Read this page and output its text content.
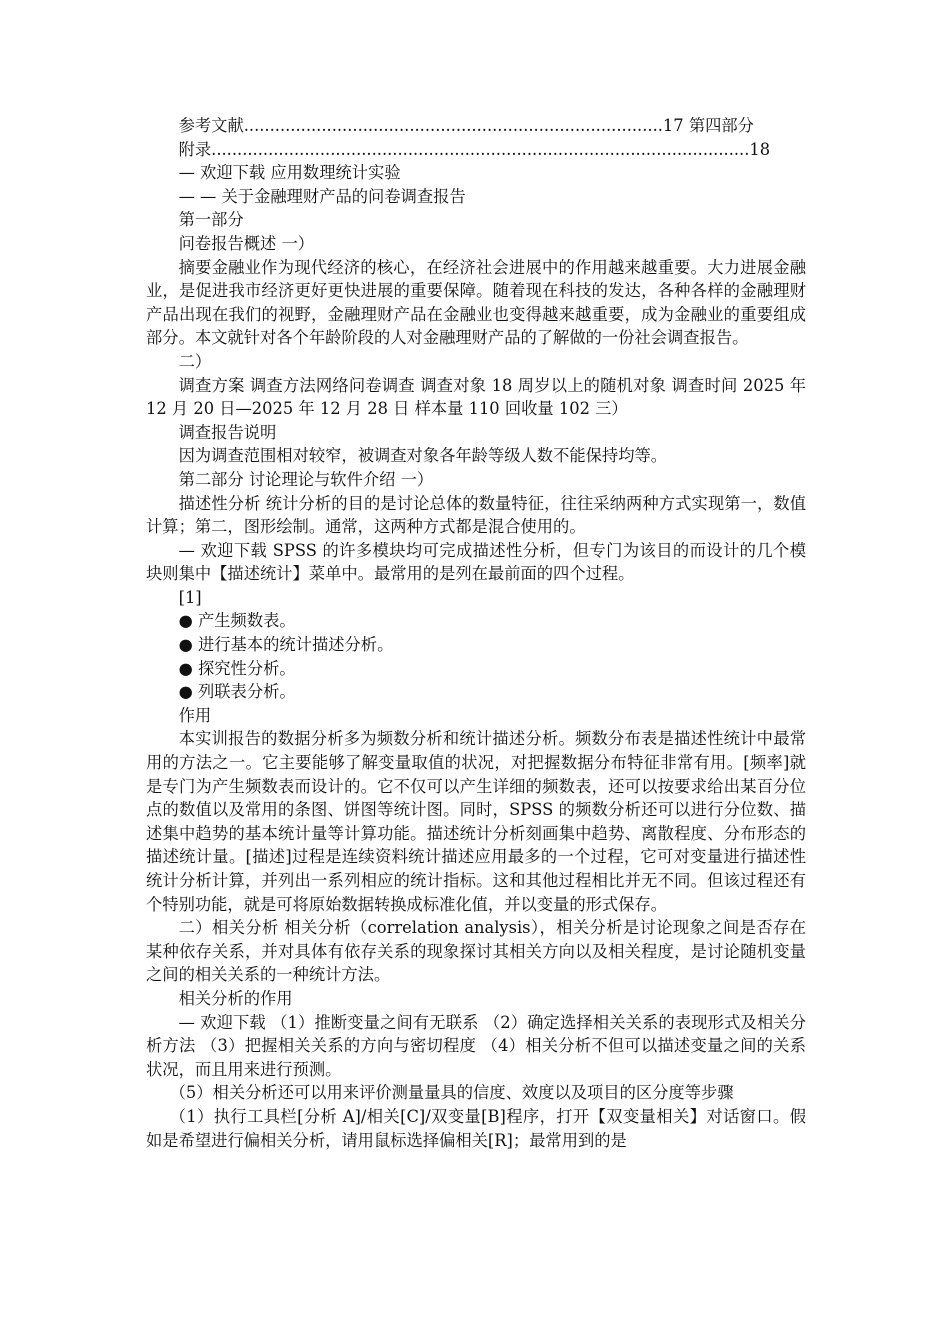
参考文献.................................................................................17 第四部分

附录........................................................................................................18

— 欢迎下载 应用数理统计实验

— — 关于金融理财产品的问卷调查报告

第一部分

问卷报告概述 一）

摘要金融业作为现代经济的核心，在经济社会进展中的作用越来越重要。大力进展金融业，是促进我市经济更好更快进展的重要保障。随着现在科技的发达，各种各样的金融理财产品出现在我们的视野，金融理财产品在金融业也变得越来越重要，成为金融业的重要组成部分。本文就针对各个年龄阶段的人对金融理财产品的了解做的一份社会调查报告。

二）

调查方案 调查方法网络问卷调查 调查对象 18 周岁以上的随机对象 调查时间 2025 年 12 月 20 日—2025 年 12 月 28 日 样本量 110 回收量 102 三）

调查报告说明

因为调查范围相对较窄，被调查对象各年龄等级人数不能保持均等。

第二部分 讨论理论与软件介绍 一）

描述性分析 统计分析的目的是讨论总体的数量特征，往往采纳两种方式实现第一，数值计算；第二，图形绘制。通常，这两种方式都是混合使用的。

— 欢迎下载 SPSS 的许多模块均可完成描述性分析，但专门为该目的而设计的几个模块则集中【描述统计】菜单中。最常用的是列在最前面的四个过程。

[1]

● 产生频数表。

● 进行基本的统计描述分析。

● 探究性分析。

● 列联表分析。

作用

本实训报告的数据分析多为频数分析和统计描述分析。频数分布表是描述性统计中最常用的方法之一。它主要能够了解变量取值的状况，对把握数据分布特征非常有用。[频率]就是专门为产生频数表而设计的。它不仅可以产生详细的频数表，还可以按要求给出某百分位点的数值以及常用的条图、饼图等统计图。同时，SPSS 的频数分析还可以进行分位数、描述集中趋势的基本统计量等计算功能。描述统计分析刻画集中趋势、离散程度、分布形态的描述统计量。[描述]过程是连续资料统计描述应用最多的一个过程，它可对变量进行描述性统计分析计算，并列出一系列相应的统计指标。这和其他过程相比并无不同。但该过程还有个特别功能，就是可将原始数据转换成标准化值，并以变量的形式保存。

二）相关分析 相关分析（correlation analysis），相关分析是讨论现象之间是否存在某种依存关系，并对具体有依存关系的现象探讨其相关方向以及相关程度，是讨论随机变量之间的相关关系的一种统计方法。

相关分析的作用

— 欢迎下载 （1）推断变量之间有无联系 （2）确定选择相关关系的表现形式及相关分析方法 （3）把握相关关系的方向与密切程度 （4）相关分析不但可以描述变量之间的关系状况，而且用来进行预测。

（5）相关分析还可以用来评价测量量具的信度、效度以及项目的区分度等步骤

（1）执行工具栏[分析 A]/相关[C]/双变量[B]程序，打开【双变量相关】对话窗口。假如是希望进行偏相关分析，请用鼠标选择偏相关[R]；最常用到的是
